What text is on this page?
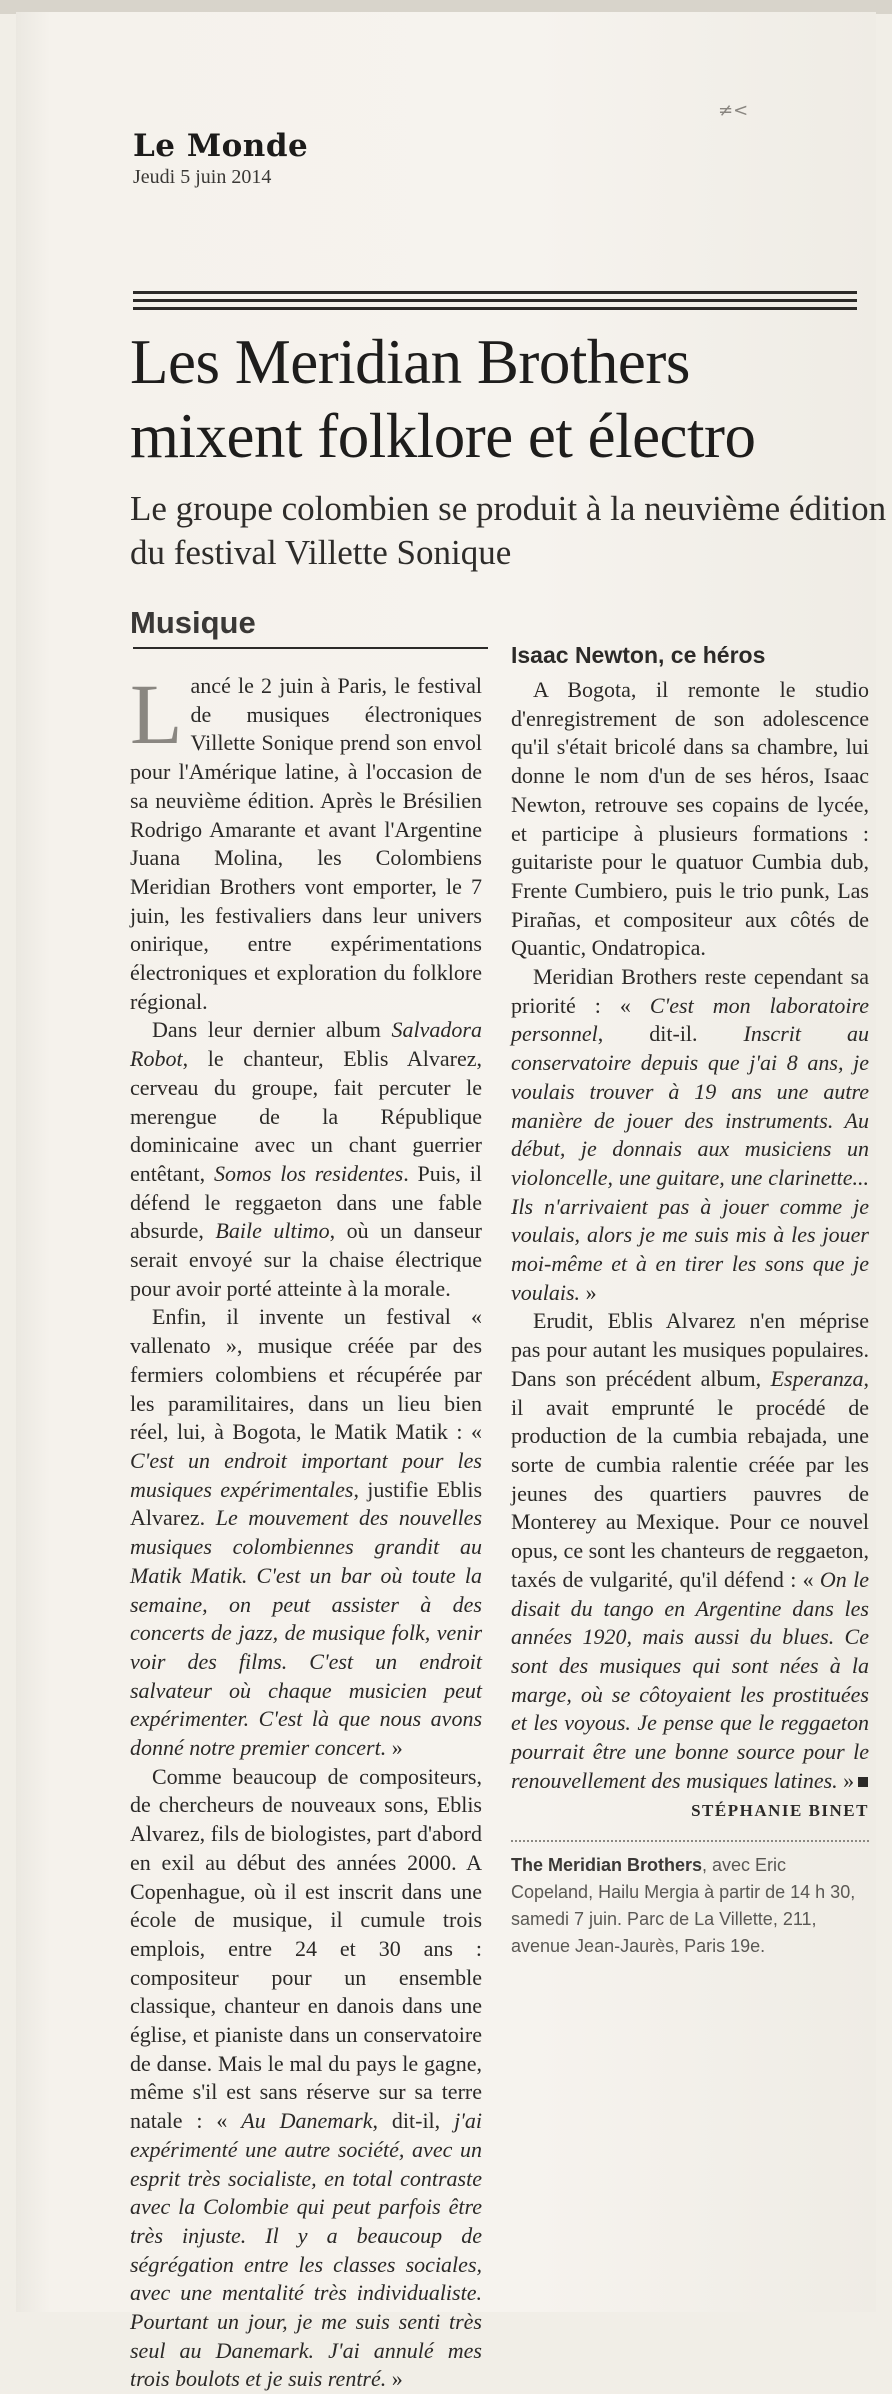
≠<
Le Monde
Jeudi 5 juin 2014
Les Meridian Brothers mixent folklore et électro
Le groupe colombien se produit à la neuvième édition du festival Villette Sonique
Musique

Lancé le 2 juin à Paris, le festival de musiques électroniques Villette Sonique prend son envol pour l'Amérique latine, à l'occasion de sa neuvième édition. Après le Brésilien Rodrigo Amarante et avant l'Argentine Juana Molina, les Colombiens Meridian Brothers vont emporter, le 7 juin, les festivaliers dans leur univers onirique, entre expérimentations électroniques et exploration du folklore régional.

Dans leur dernier album Salvadora Robot, le chanteur, Eblis Alvarez, cerveau du groupe, fait percuter le merengue de la République dominicaine avec un chant guerrier entêtant, Somos los residentes. Puis, il défend le reggaeton dans une fable absurde, Baile ultimo, où un danseur serait envoyé sur la chaise électrique pour avoir porté atteinte à la morale.

Enfin, il invente un festival « vallenato », musique créée par des fermiers colombiens et récupérée par les paramilitaires, dans un lieu bien réel, lui, à Bogota, le Matik Matik : « C'est un endroit important pour les musiques expérimentales, justifie Eblis Alvarez. Le mouvement des nouvelles musiques colombiennes grandit au Matik Matik. C'est un bar où toute la semaine, on peut assister à des concerts de jazz, de musique folk, venir voir des films. C'est un endroit salvateur où chaque musicien peut expérimenter. C'est là que nous avons donné notre premier concert. »

Comme beaucoup de compositeurs, de chercheurs de nouveaux sons, Eblis Alvarez, fils de biologistes, part d'abord en exil au début des années 2000. A Copenhague, où il est inscrit dans une école de musique, il cumule trois emplois, entre 24 et 30 ans : compositeur pour un ensemble classique, chanteur en danois dans une église, et pianiste dans un conservatoire de danse. Mais le mal du pays le gagne, même s'il est sans réserve sur sa terre natale : « Au Danemark, dit-il, j'ai expérimenté une autre société, avec un esprit très socialiste, en total contraste avec la Colombie qui peut parfois être très injuste. Il y a beaucoup de ségrégation entre les classes sociales, avec une mentalité très individualiste. Pourtant un jour, je me suis senti très seul au Danemark. J'ai annulé mes trois boulots et je suis rentré. »

Isaac Newton, ce héros

A Bogota, il remonte le studio d'enregistrement de son adolescence qu'il s'était bricolé dans sa chambre, lui donne le nom d'un de ses héros, Isaac Newton, retrouve ses copains de lycée, et participe à plusieurs formations : guitariste pour le quatuor Cumbia dub, Frente Cumbiero, puis le trio punk, Las Pirañas, et compositeur aux côtés de Quantic, Ondatropica.

Meridian Brothers reste cependant sa priorité : « C'est mon laboratoire personnel, dit-il. Inscrit au conservatoire depuis que j'ai 8 ans, je voulais trouver à 19 ans une autre manière de jouer des instruments. Au début, je donnais aux musiciens un violoncelle, une guitare, une clarinette... Ils n'arrivaient pas à jouer comme je voulais, alors je me suis mis à les jouer moi-même et à en tirer les sons que je voulais. »

Erudit, Eblis Alvarez n'en méprise pas pour autant les musiques populaires. Dans son précédent album, Esperanza, il avait emprunté le procédé de production de la cumbia rebajada, une sorte de cumbia ralentie créée par les jeunes des quartiers pauvres de Monterey au Mexique. Pour ce nouvel opus, ce sont les chanteurs de reggaeton, taxés de vulgarité, qu'il défend : « On le disait du tango en Argentine dans les années 1920, mais aussi du blues. Ce sont des musiques qui sont nées à la marge, où se côtoyaient les prostituées et les voyous. Je pense que le reggaeton pourrait être une bonne source pour le renouvellement des musiques latines. »

STÉPHANIE BINET
The Meridian Brothers, avec Eric Copeland, Hailu Mergia à partir de 14 h 30, samedi 7 juin. Parc de La Villette, 211, avenue Jean-Jaurès, Paris 19e.
